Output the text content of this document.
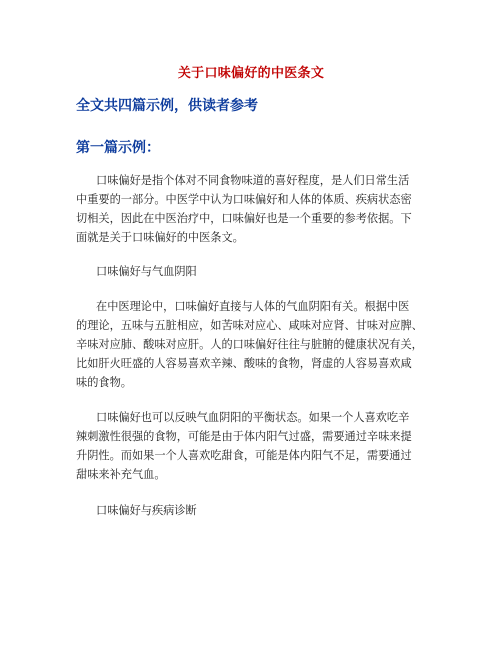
关于口味偏好的中医条文
全文共四篇示例，供读者参考
第一篇示例：
口味偏好是指个体对不同食物味道的喜好程度，是人们日常生活
中重要的一部分。中医学中认为口味偏好和人体的体质、疾病状态密
切相关，因此在中医治疗中，口味偏好也是一个重要的参考依据。下
面就是关于口味偏好的中医条文。
口味偏好与气血阴阳
在中医理论中，口味偏好直接与人体的气血阴阳有关。根据中医
的理论，五味与五脏相应，如苦味对应心、咸味对应肾、甘味对应脾、
辛味对应肺、酸味对应肝。人的口味偏好往往与脏腑的健康状况有关，
比如肝火旺盛的人容易喜欢辛辣、酸味的食物，肾虚的人容易喜欢咸
味的食物。
口味偏好也可以反映气血阴阳的平衡状态。如果一个人喜欢吃辛
辣刺激性很强的食物，可能是由于体内阳气过盛，需要通过辛味来提
升阴性。而如果一个人喜欢吃甜食，可能是体内阳气不足，需要通过
甜味来补充气血。
口味偏好与疾病诊断
